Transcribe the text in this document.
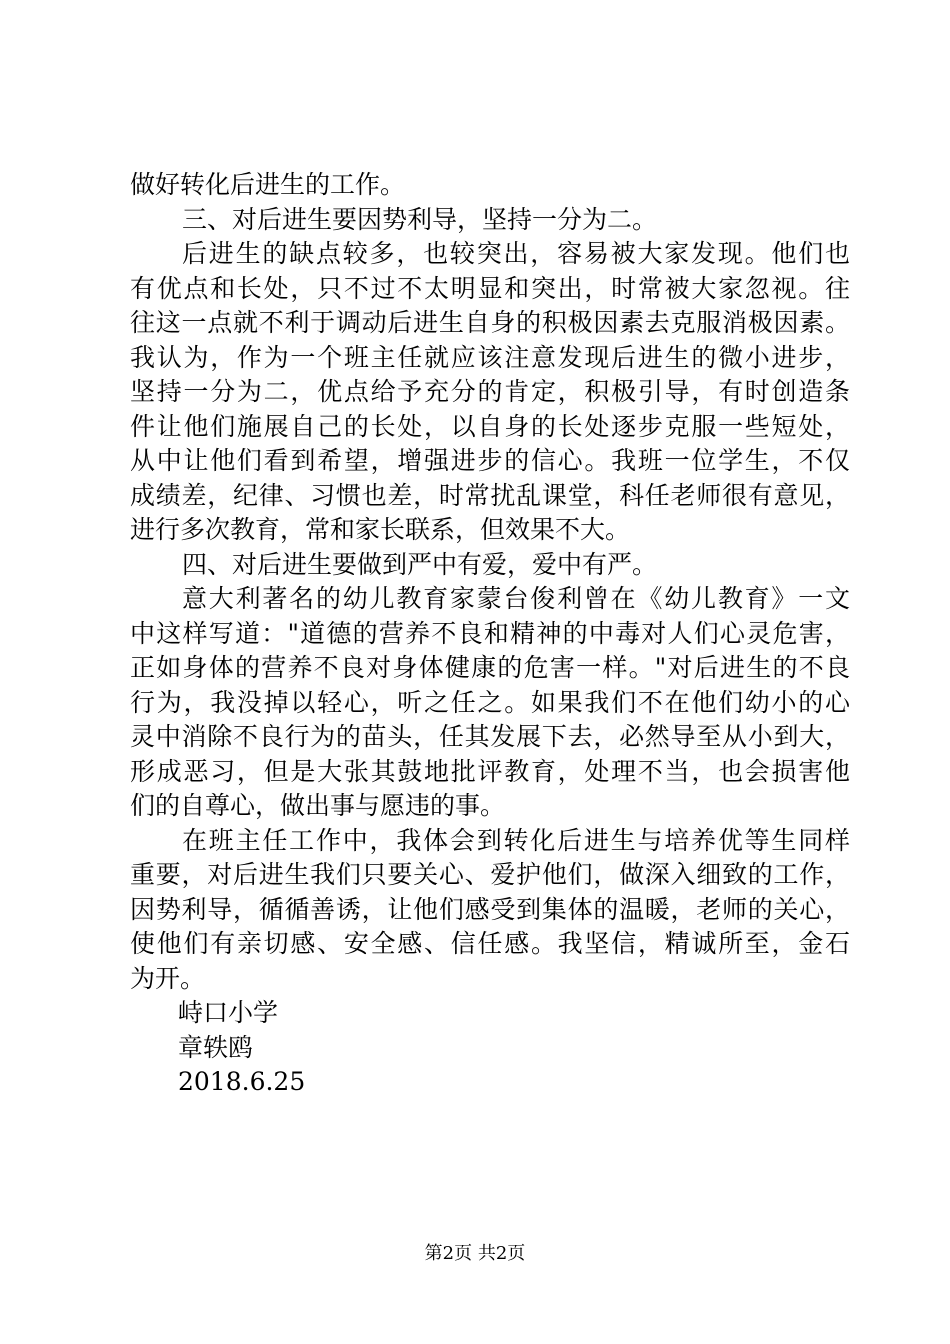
做好转化后进生的工作。
三、对后进生要因势利导，坚持一分为二。
后进生的缺点较多，也较突出，容易被大家发现。他们也
有优点和长处，只不过不太明显和突出，时常被大家忽视。往
往这一点就不利于调动后进生自身的积极因素去克服消极因素。
我认为，作为一个班主任就应该注意发现后进生的微小进步，
坚持一分为二，优点给予充分的肯定，积极引导，有时创造条
件让他们施展自己的长处，以自身的长处逐步克服一些短处，
从中让他们看到希望，增强进步的信心。我班一位学生，不仅
成绩差，纪律、习惯也差，时常扰乱课堂，科任老师很有意见，
进行多次教育，常和家长联系，但效果不大。
四、对后进生要做到严中有爱，爱中有严。
意大利著名的幼儿教育家蒙台俊利曾在《幼儿教育》一文
中这样写道："道德的营养不良和精神的中毒对人们心灵危害，
正如身体的营养不良对身体健康的危害一样。"对后进生的不良
行为，我没掉以轻心，听之任之。如果我们不在他们幼小的心
灵中消除不良行为的苗头，任其发展下去，必然导至从小到大，
形成恶习，但是大张其鼓地批评教育，处理不当，也会损害他
们的自尊心，做出事与愿违的事。
在班主任工作中，我体会到转化后进生与培养优等生同样
重要，对后进生我们只要关心、爱护他们，做深入细致的工作，
因势利导，循循善诱，让他们感受到集体的温暖，老师的关心，
使他们有亲切感、安全感、信任感。我坚信，精诚所至，金石
为开。
峙口小学
章轶鸥
2018.6.25
第2页 共2页
